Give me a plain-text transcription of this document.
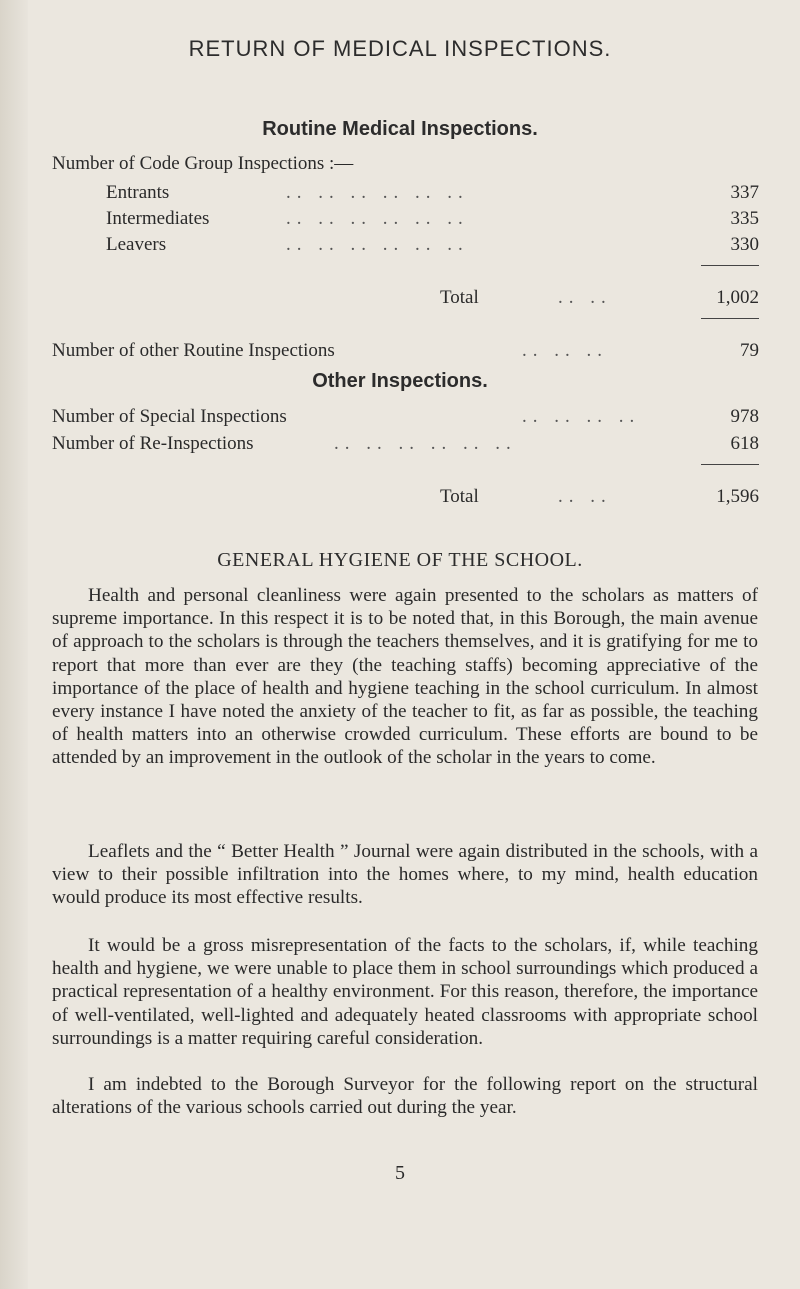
RETURN OF MEDICAL INSPECTIONS.
Routine Medical Inspections.
Number of Code Group Inspections :—
Entrants	.. .. .. .. .. ..	337
Intermediates	.. .. .. .. .. ..	335
Leavers	.. .. .. .. .. ..	330
Total	.. ..	1,002
Number of other Routine Inspections	.. .. ..	79
Other Inspections.
Number of Special Inspections	.. .. .. ..	978
Number of Re-Inspections	.. .. .. .. .. ..	618
Total	.. ..	1,596
GENERAL HYGIENE OF THE SCHOOL.

Health and personal cleanliness were again presented to the scholars as matters of supreme importance. In this respect it is to be noted that, in this Borough, the main avenue of approach to the scholars is through the teachers themselves, and it is gratifying for me to report that more than ever are they (the teaching staffs) becoming appreciative of the importance of the place of health and hygiene teaching in the school curriculum. In almost every instance I have noted the anxiety of the teacher to fit, as far as possible, the teaching of health matters into an otherwise crowded curriculum. These efforts are bound to be attended by an improvement in the outlook of the scholar in the years to come.

Leaflets and the “ Better Health ” Journal were again distributed in the schools, with a view to their possible infiltration into the homes where, to my mind, health education would produce its most effective results.

It would be a gross misrepresentation of the facts to the scholars, if, while teaching health and hygiene, we were unable to place them in school surroundings which produced a practical representation of a healthy environment. For this reason, therefore, the importance of well-ventilated, well-lighted and adequately heated classrooms with appropriate school surroundings is a matter requiring careful consideration.

I am indebted to the Borough Surveyor for the following report on the structural alterations of the various schools carried out during the year.

5
